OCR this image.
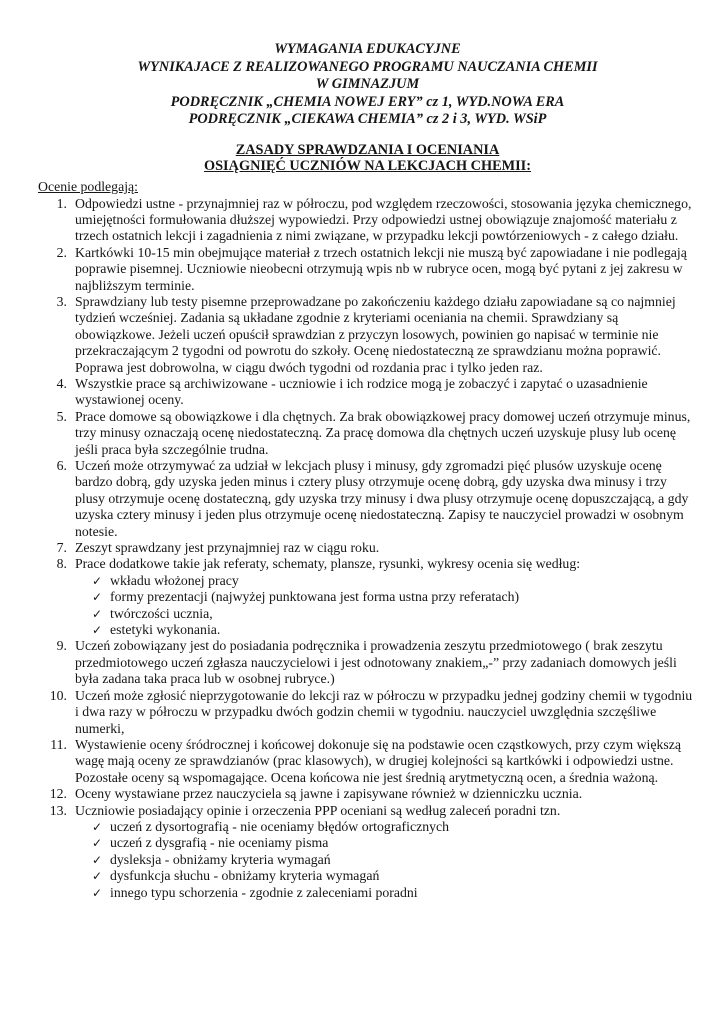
WYMAGANIA EDUKACYJNE
WYNIKAJACE Z REALIZOWANEGO PROGRAMU NAUCZANIA CHEMII
W GIMNAZJUM
PODRĘCZNIK „CHEMIA NOWEJ ERY” cz 1, WYD.NOWA ERA
PODRĘCZNIK „CIEKAWA CHEMIA” cz 2 i 3, WYD. WSiP
ZASADY SPRAWDZANIA I OCENIANIA
OSIĄGNIĘĆ UCZNIÓW NA LEKCJACH CHEMII:
Ocenie podlegają:
1. Odpowiedzi ustne - przynajmniej raz w półroczu, pod względem rzeczowości, stosowania języka chemicznego, umiejętności formułowania dłuższej wypowiedzi. Przy odpowiedzi ustnej obowiązuje znajomość materiału z trzech ostatnich lekcji i zagadnienia z nimi związane, w przypadku lekcji powtórzeniowych - z całego działu.
2. Kartkówki 10-15 min obejmujące materiał z trzech ostatnich lekcji nie muszą być zapowiadane i nie podlegają poprawie pisemnej. Uczniowie nieobecni otrzymują wpis nb w rubryce ocen, mogą być pytani z jej zakresu w najbliższym terminie.
3. Sprawdziany lub testy pisemne przeprowadzane po zakończeniu każdego działu zapowiadane są co najmniej tydzień wcześniej. Zadania są układane zgodnie z kryteriami oceniania na chemii. Sprawdziany są obowiązkowe. Jeżeli uczeń opuścił sprawdzian z przyczyn losowych, powinien go napisać w terminie nie przekraczającym 2 tygodni od powrotu do szkoły. Ocenę niedostateczną ze sprawdzianu można poprawić. Poprawa jest dobrowolna, w ciągu dwóch tygodni od rozdania prac i tylko jeden raz.
4. Wszystkie prace są archiwizowane - uczniowie i ich rodzice mogą je zobaczyć i zapytać o uzasadnienie wystawionej oceny.
5. Prace domowe są obowiązkowe i dla chętnych. Za brak obowiązkowej pracy domowej uczeń otrzymuje minus, trzy minusy oznaczają ocenę niedostateczną. Za pracę domowa dla chętnych uczeń uzyskuje plusy lub ocenę jeśli praca była szczególnie trudna.
6. Uczeń może otrzymywać za udział w lekcjach plusy i minusy, gdy zgromadzi pięć plusów uzyskuje ocenę bardzo dobrą, gdy uzyska jeden minus i cztery plusy otrzymuje ocenę dobrą, gdy uzyska dwa minusy i trzy plusy otrzymuje ocenę dostateczną, gdy uzyska trzy minusy i dwa plusy otrzymuje ocenę dopuszczającą, a gdy uzyska cztery minusy i jeden plus otrzymuje ocenę niedostateczną. Zapisy te nauczyciel prowadzi w osobnym notesie.
7. Zeszyt sprawdzany jest przynajmniej raz w ciągu roku.
8. Prace dodatkowe takie jak referaty, schematy, plansze, rysunki, wykresy ocenia się według:
✓ wkładu włożonej pracy
✓ formy prezentacji (najwyżej punktowana jest forma ustna przy referatach)
✓ twórczości ucznia,
✓ estetyki wykonania.
9. Uczeń zobowiązany jest do posiadania podręcznika i prowadzenia zeszytu przedmiotowego ( brak zeszytu przedmiotowego uczeń zgłasza nauczycielowi i jest odnotowany znakiem„-” przy zadaniach domowych jeśli była zadana taka praca lub w osobnej rubryce.)
10. Uczeń może zgłosić nieprzygotowanie do lekcji raz w półroczu w przypadku jednej godziny chemii w tygodniu i dwa razy w półroczu w przypadku dwóch godzin chemii w tygodniu. nauczyciel uwzględnia szczęśliwe numerki,
11. Wystawienie oceny śródrocznej i końcowej dokonuje się na podstawie ocen cząstkowych, przy czym większą wagę mają oceny ze sprawdzianów (prac klasowych), w drugiej kolejności są kartkówki i odpowiedzi ustne. Pozostałe oceny są wspomagające. Ocena końcowa nie jest średnią arytmetyczną ocen, a średnia ważoną.
12. Oceny wystawiane przez nauczyciela są jawne i zapisywane również w dzienniczku ucznia.
13. Uczniowie posiadający opinie i orzeczenia PPP oceniani są według zaleceń poradni tzn.
✓ uczeń z dysortografią - nie oceniamy błędów ortograficznych
✓ uczeń z dysgrafią - nie oceniamy pisma
✓ dysleksja - obniżamy kryteria wymagań
✓ dysfunkcja słuchu - obniżamy kryteria wymagań
✓ innego typu schorzenia - zgodnie z zaleceniami poradni
